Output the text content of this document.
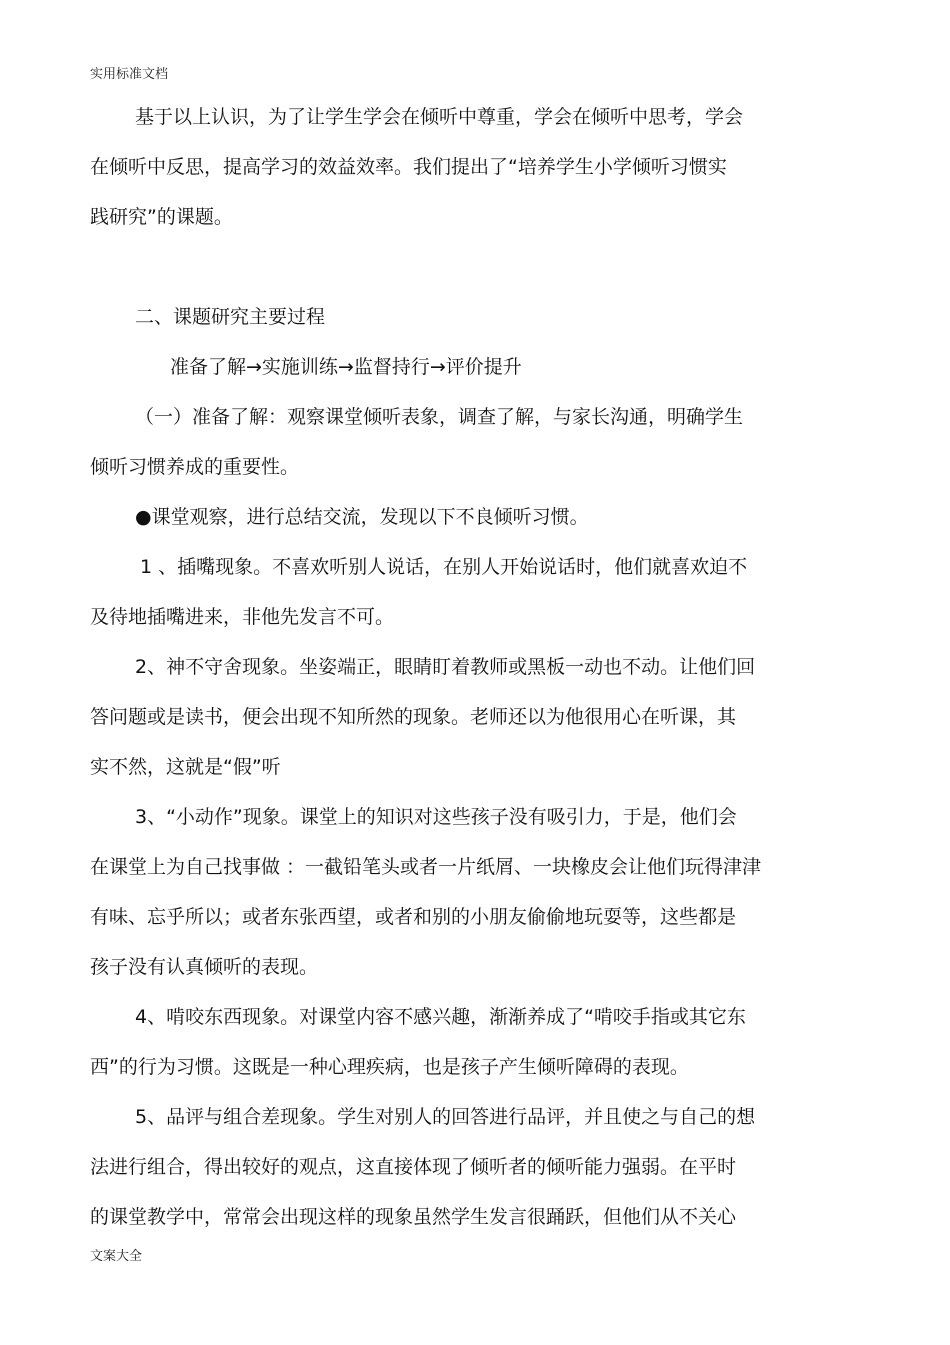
实用标准文档
基于以上认识，为了让学生学会在倾听中尊重，学会在倾听中思考，学会
在倾听中反思，提高学习的效益效率。我们提出了“培养学生小学倾听习惯实
践研究”的课题。
二、课题研究主要过程
准备了解→实施训练→监督持行→评价提升
（一）准备了解：观察课堂倾听表象，调查了解，与家长沟通，明确学生
倾听习惯养成的重要性。
●课堂观察，进行总结交流，发现以下不良倾听习惯。
1 、插嘴现象。不喜欢听别人说话，在别人开始说话时，他们就喜欢迫不
及待地插嘴进来，非他先发言不可。
2、神不守舍现象。坐姿端正，眼睛盯着教师或黑板一动也不动。让他们回
答问题或是读书，便会出现不知所然的现象。老师还以为他很用心在听课，其
实不然，这就是“假”听
3、“小动作”现象。课堂上的知识对这些孩子没有吸引力，于是，他们会
在课堂上为自己找事做 ：一截铅笔头或者一片纸屑、一块橡皮会让他们玩得津津
有味、忘乎所以；或者东张西望，或者和别的小朋友偷偷地玩耍等，这些都是
孩子没有认真倾听的表现。
4、啃咬东西现象。对课堂内容不感兴趣，渐渐养成了“啃咬手指或其它东
西”的行为习惯。这既是一种心理疾病，也是孩子产生倾听障碍的表现。
5、品评与组合差现象。学生对别人的回答进行品评，并且使之与自己的想
法进行组合，得出较好的观点，这直接体现了倾听者的倾听能力强弱。在平时
的课堂教学中，常常会出现这样的现象虽然学生发言很踊跃，但他们从不关心
文案大全
